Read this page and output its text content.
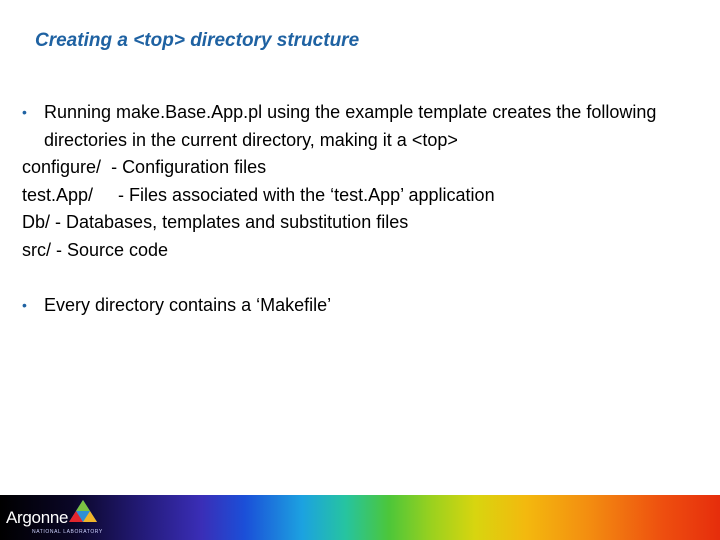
Creating a <top> directory structure
• Running make.Base.App.pl using the example template creates the following directories in the current directory, making it a <top>
configure/  - Configuration files
test.App/     - Files associated with the ‘test.App’ application
Db/ - Databases, templates and substitution files
src/ - Source code
• Every directory contains a ‘Makefile’
Argonne
NATIONAL LABORATORY
